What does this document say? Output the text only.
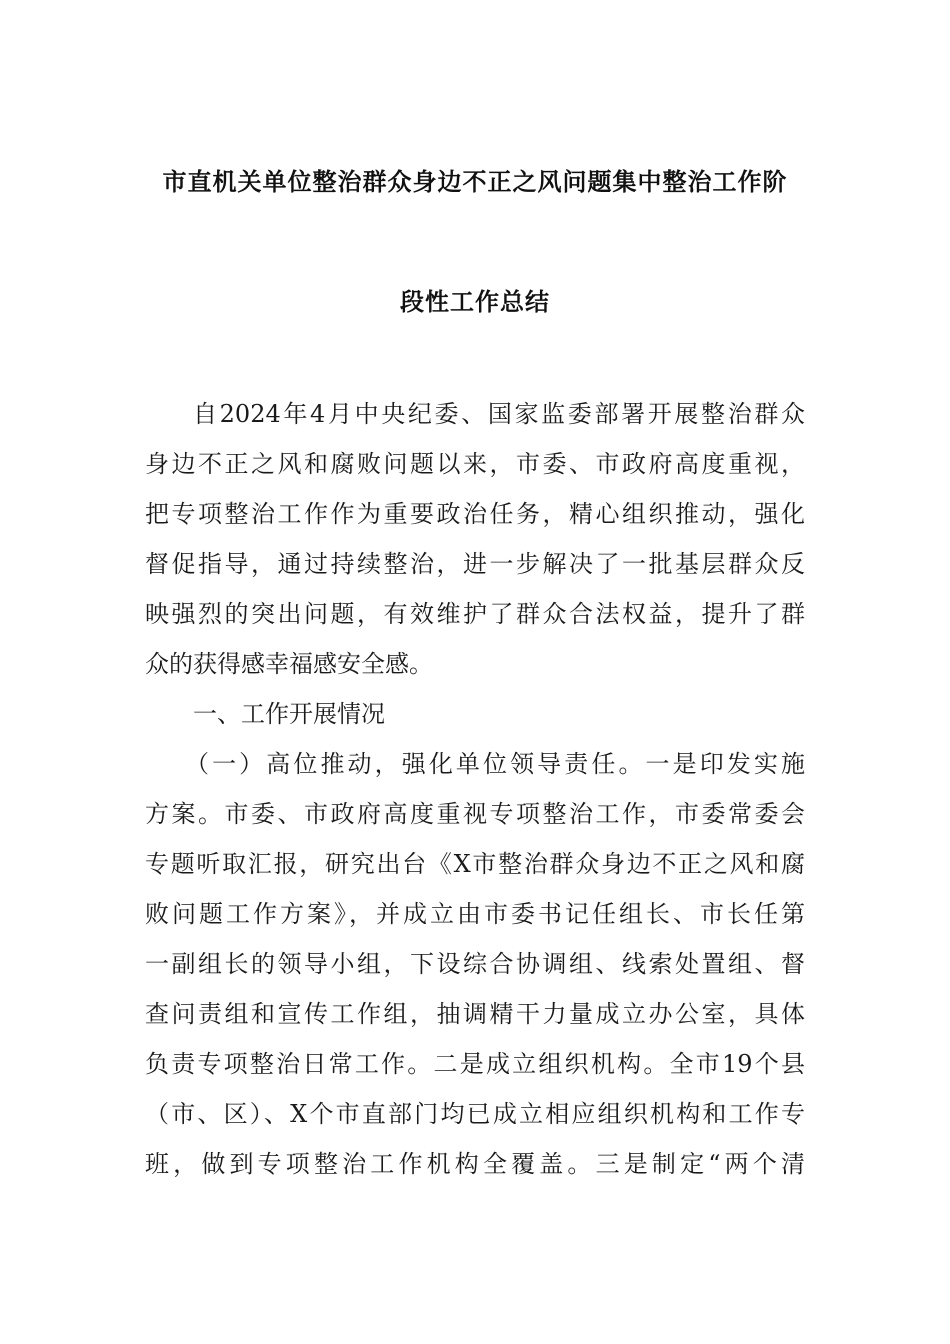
市直机关单位整治群众身边不正之风问题集中整治工作阶
段性工作总结
自2024年4月中央纪委、国家监委部署开展整治群众
身边不正之风和腐败问题以来，市委、市政府高度重视，
把专项整治工作作为重要政治任务，精心组织推动，强化
督促指导，通过持续整治，进一步解决了一批基层群众反
映强烈的突出问题，有效维护了群众合法权益，提升了群
众的获得感幸福感安全感。
一、工作开展情况
（一）高位推动，强化单位领导责任。一是印发实施
方案。市委、市政府高度重视专项整治工作，市委常委会
专题听取汇报，研究出台《X市整治群众身边不正之风和腐
败问题工作方案》，并成立由市委书记任组长、市长任第
一副组长的领导小组，下设综合协调组、线索处置组、督
查问责组和宣传工作组，抽调精干力量成立办公室，具体
负责专项整治日常工作。二是成立组织机构。全市19个县
（市、区）、X个市直部门均已成立相应组织机构和工作专
班，做到专项整治工作机构全覆盖。三是制定“两个清
